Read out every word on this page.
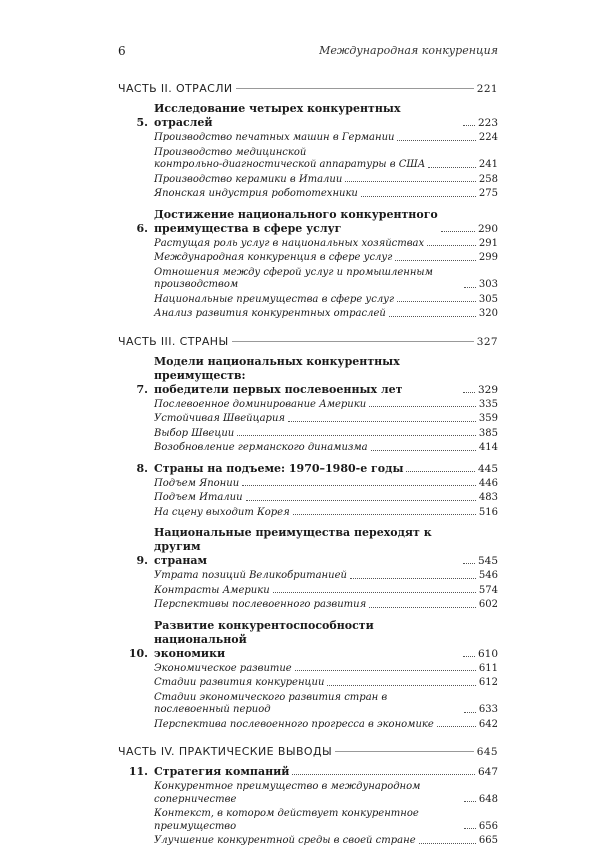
6	Международная конкуренция
ЧАСТЬ II. ОТРАСЛИ	221
5.
Исследование четырех конкурентных отраслей	223
Производство печатных машин в Германии	224
Производство медицинской
контрольно-диагностической аппаратуры в США	241
Производство керамики в Италии	258
Японская индустрия робототехники	275
6.
Достижение национального конкурентного
преимущества в сфере услуг	290
Растущая роль услуг в национальных хозяйствах	291
Международная конкуренция в сфере услуг	299
Отношения между сферой услуг и промышленным производством	303
Национальные преимущества в сфере услуг	305
Анализ развития конкурентных отраслей	320
ЧАСТЬ III. СТРАНЫ	327
7.
Модели национальных конкурентных преимуществ:
победители первых послевоенных лет	329
Послевоенное доминирование Америки	335
Устойчивая Швейцария	359
Выбор Швеции	385
Возобновление германского динамизма	414
8. Страны на подъеме: 1970–1980-е годы	445
Подъем Японии	446
Подъем Италии	483
На сцену выходит Корея	516
9.
Национальные преимущества переходят к другим
странам	545
Утрата позиций Великобританией	546
Контрасты Америки	574
Перспективы послевоенного развития	602
10.
Развитие конкурентоспособности национальной
экономики	610
Экономическое развитие	611
Стадии развития конкуренции	612
Стадии экономического развития стран в послевоенный период	633
Перспектива послевоенного прогресса в экономике	642
ЧАСТЬ IV. ПРАКТИЧЕСКИЕ ВЫВОДЫ	645
11. Стратегия компаний	647
Конкурентное преимущество в международном соперничестве	648
Контекст, в котором действует конкурентное преимущество	656
Улучшение конкурентной среды в своей стране	665
